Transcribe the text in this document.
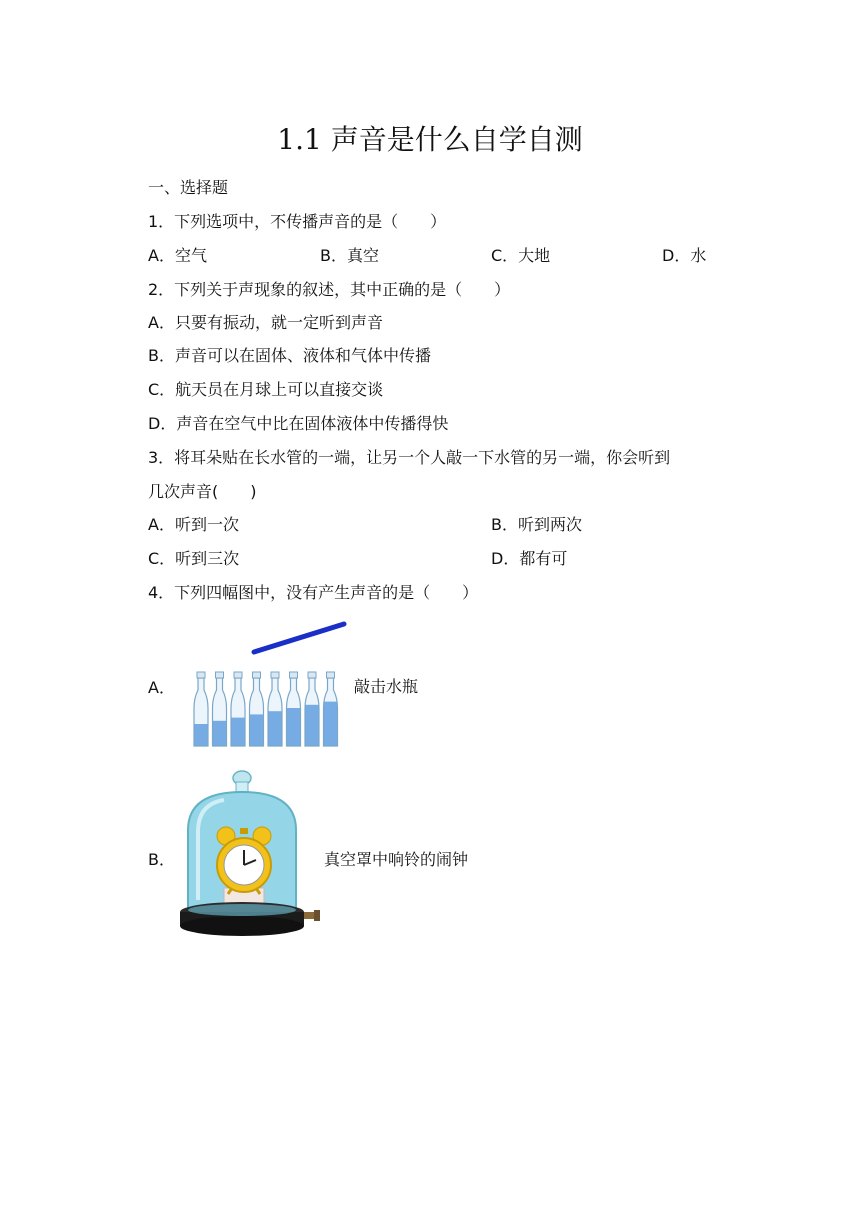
1.1 声音是什么自学自测
一、选择题
1．下列选项中，不传播声音的是（　　）
A．空气	B．真空	C．大地	D．水
2．下列关于声现象的叙述，其中正确的是（　　）
A．只要有振动，就一定听到声音
B．声音可以在固体、液体和气体中传播
C．航天员在月球上可以直接交谈
D．声音在空气中比在固体液体中传播得快
3．将耳朵贴在长水管的一端，让另一个人敲一下水管的另一端，你会听到
几次声音(　　)
A．听到一次	B．听到两次
C．听到三次	D．都有可
4．下列四幅图中，没有产生声音的是（　　）
A．	敲击水瓶
B．	真空罩中响铃的闹钟
